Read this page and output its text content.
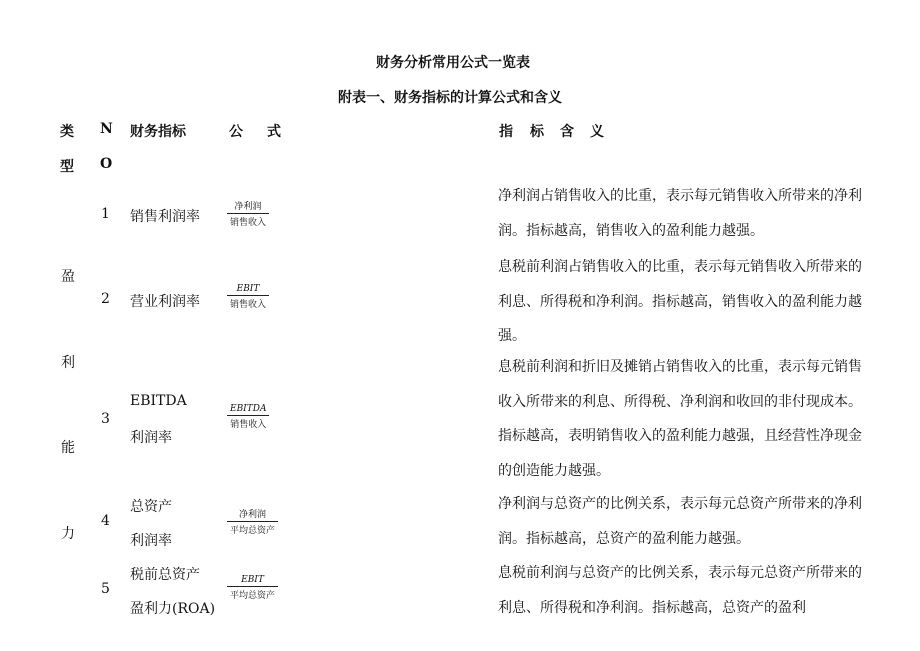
财务分析常用公式一览表
附表一、财务指标的计算公式和含义
类
型
N
O
财务指标	公 式	指 标 含 义
盈
利
能
力
1 销售利润率
净利润
销售收入
净利润占销售收入的比重，表示每元销售收入所带来的净利润。指标越高，销售收入的盈利能力越强。
2 营业利润率
EBIT
销售收入
息税前利润占销售收入的比重，表示每元销售收入所带来的利息、所得税和净利润。指标越高，销售收入的盈利能力越强。
3
EBITDA
利润率
EBITDA
销售收入
息税前利润和折旧及摊销占销售收入的比重，表示每元销售收入所带来的利息、所得税、净利润和收回的非付现成本。指标越高，表明销售收入的盈利能力越强，且经营性净现金的创造能力越强。
4
总资产
利润率
净利润
平均总资产
净利润与总资产的比例关系，表示每元总资产所带来的净利润。指标越高，总资产的盈利能力越强。
5
税前总资产
盈利力(ROA)
EBIT
平均总资产
息税前利润与总资产的比例关系，表示每元总资产所带来的利息、所得税和净利润。指标越高，总资产的盈利
